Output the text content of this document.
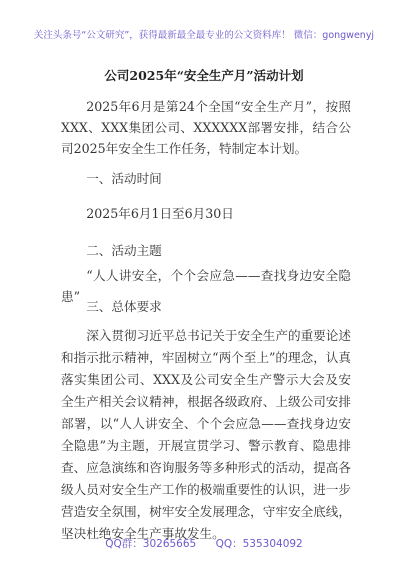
关注头条号“公文研究”，获得最新最全最专业的公文资料库！ 微信：gongwenyj
公司2025年“安全生产月”活动计划
2025年6月是第24个全国“安全生产月”，按照XXX、XXX集团公司、XXXXXX部署安排，结合公司2025年安全生工作任务，特制定本计划。
一、活动时间
2025年6月1日至6月30日
二、活动主题
“人人讲安全，个个会应急——查找身边安全隐患”
三、总体要求
深入贯彻习近平总书记关于安全生产的重要论述和指示批示精神，牢固树立“两个至上”的理念，认真落实集团公司、XXX及公司安全生产警示大会及安全生产相关会议精神，根据各级政府、上级公司安排部署，以“人人讲安全、个个会应急——查找身边安全隐患”为主题，开展宣贯学习、警示教育、隐患排查、应急演练和咨询服务等多种形式的活动，提高各级人员对安全生产工作的极端重要性的认识，进一步营造安全氛围，树牢安全发展理念，守牢安全底线，坚决杜绝安全生产事故发生。
QQ群：30265665 QQ：535304092
